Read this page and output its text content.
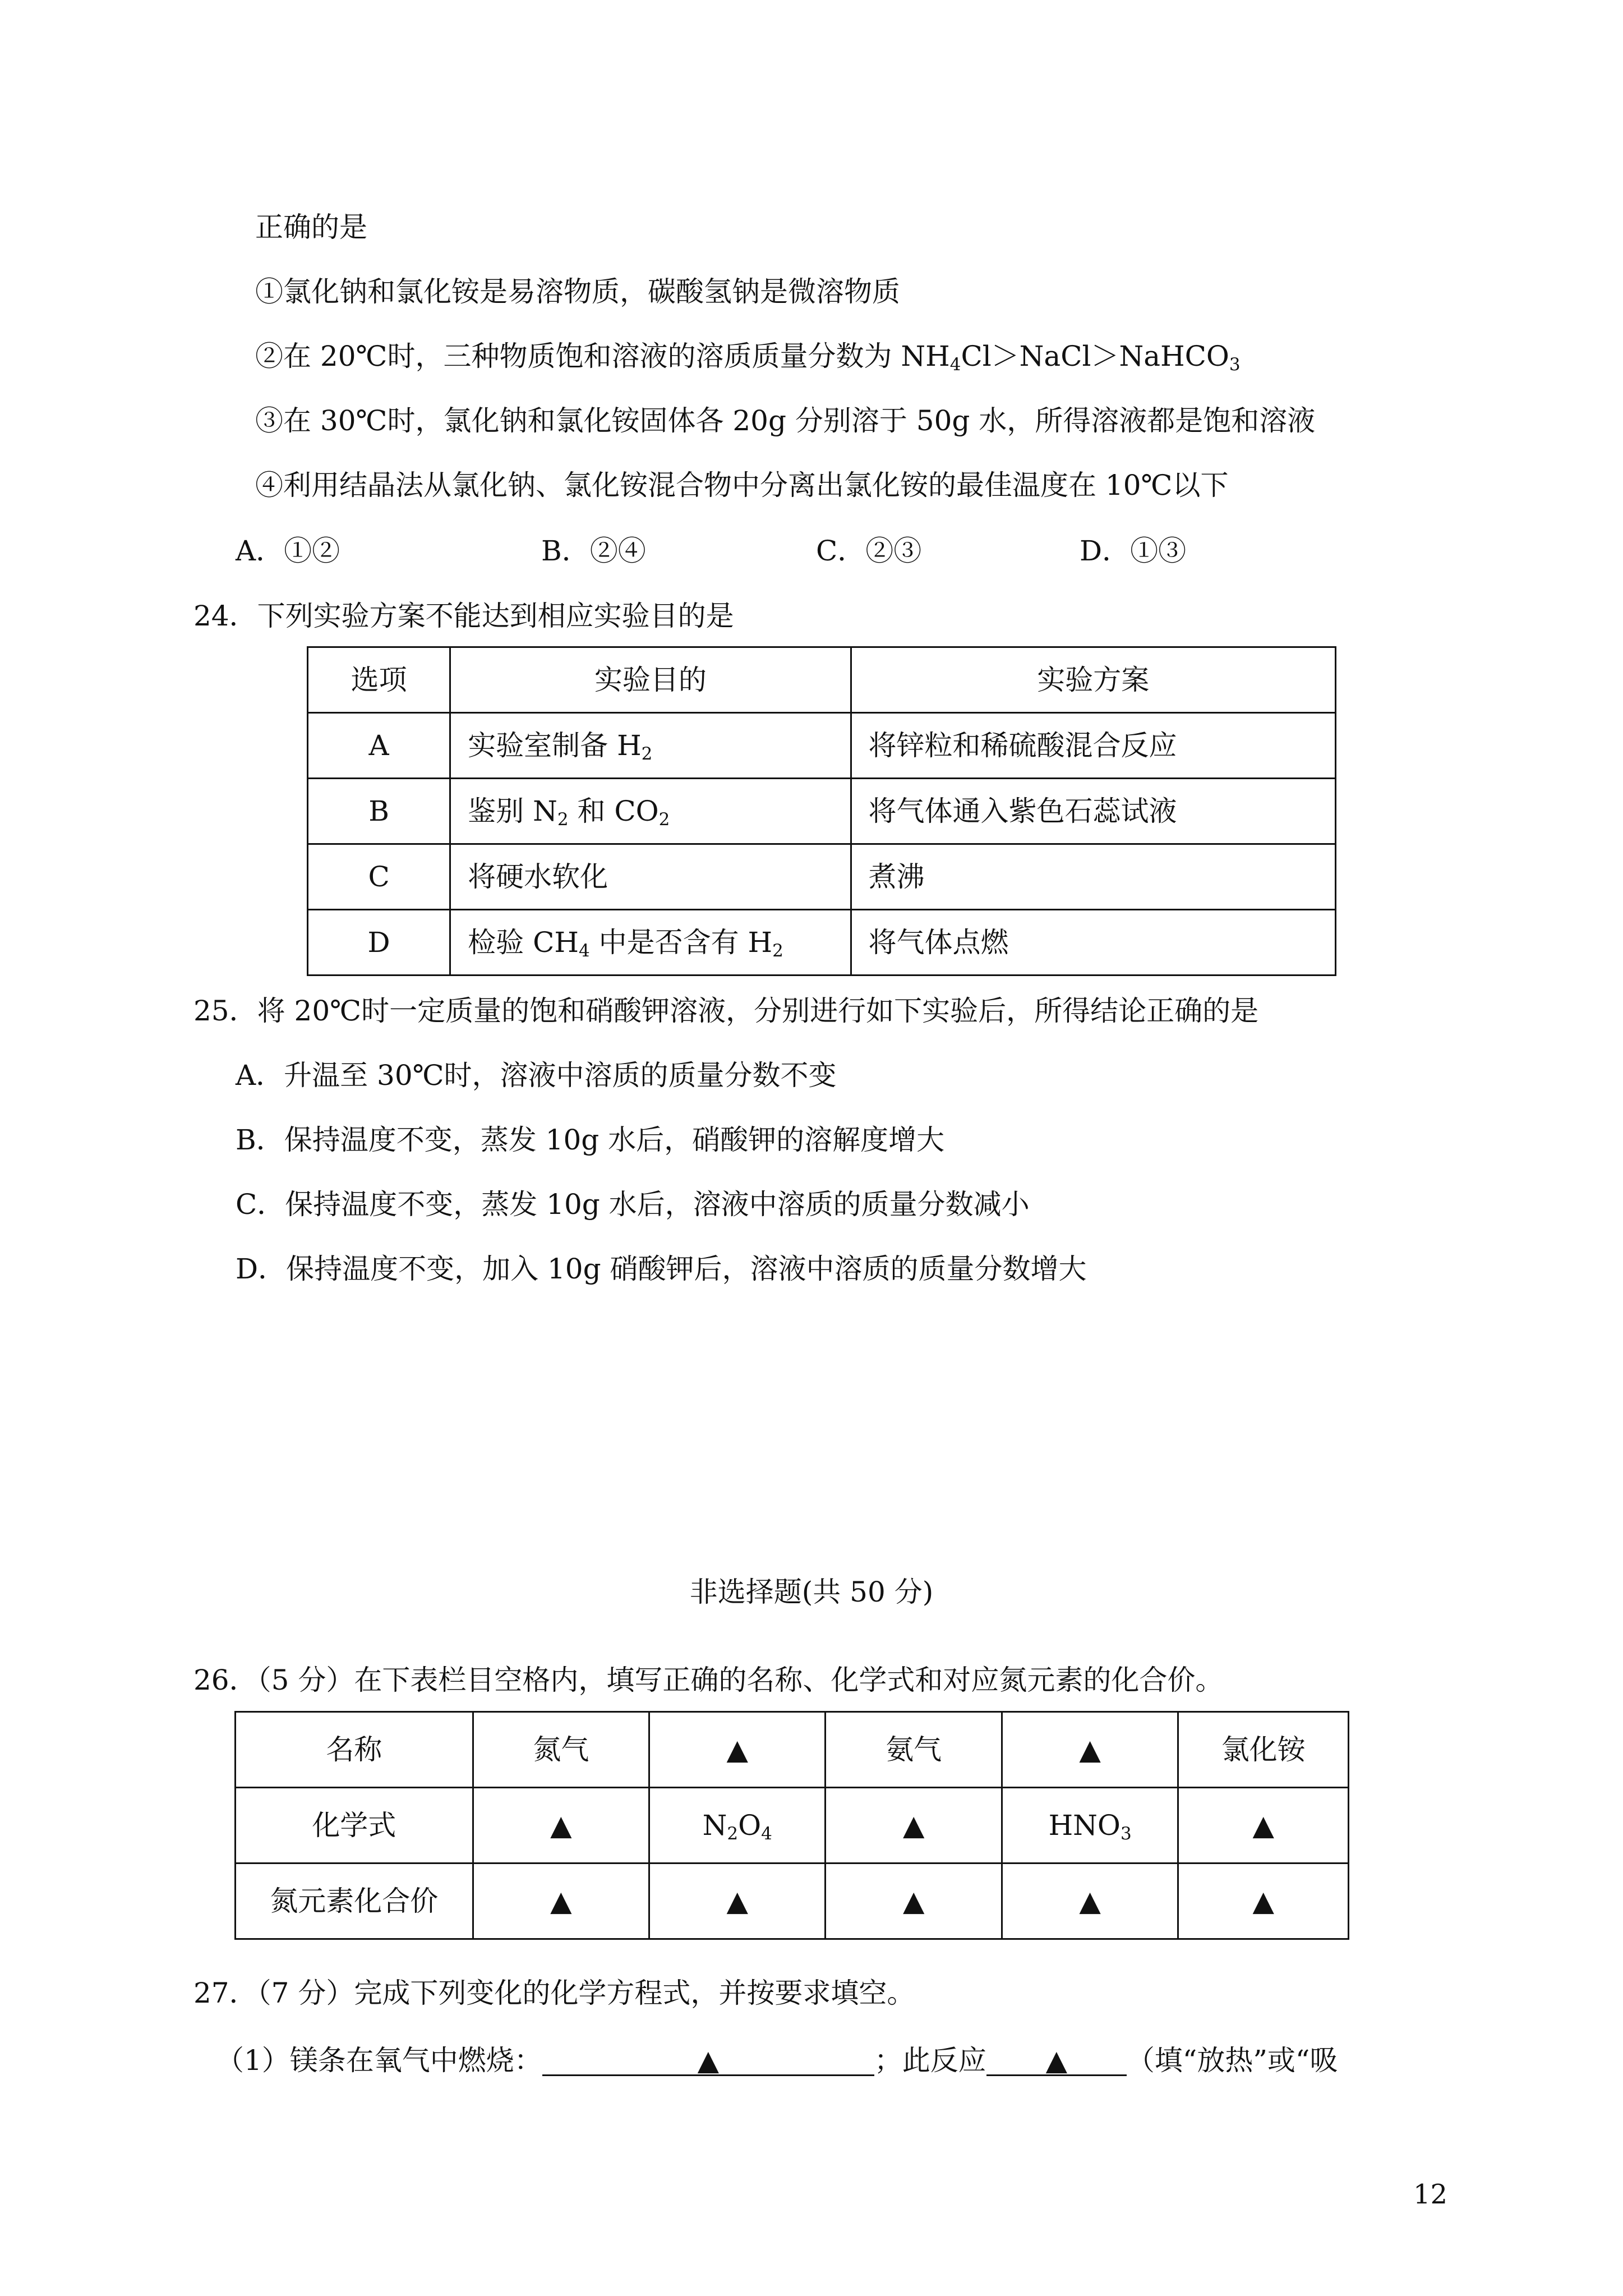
正确的是
①氯化钠和氯化铵是易溶物质，碳酸氢钠是微溶物质
②在 20℃时，三种物质饱和溶液的溶质质量分数为 $NH_4Cl>NaCl>NaHCO_3$
③在 30℃时，氯化钠和氯化铵固体各 20g 分别溶于 50g 水，所得溶液都是饱和溶液
④利用结晶法从氯化钠、氯化铵混合物中分离出氯化铵的最佳温度在 10℃以下
A．①②	B．②④	C．②③	D．①③
24．下列实验方案不能达到相应实验目的是
选项	实验目的	实验方案
A	实验室制备 $H_2$	将锌粒和稀硫酸混合反应
B	鉴别 $N_2$ 和 $CO_2$	将气体通入紫色石蕊试液
C	将硬水软化	煮沸
D	检验 $CH_4$ 中是否含有 $H_2$	将气体点燃
25．将 20℃时一定质量的饱和硝酸钾溶液，分别进行如下实验后，所得结论正确的是
A．升温至 30℃时，溶液中溶质的质量分数不变
B．保持温度不变，蒸发 10g 水后，硝酸钾的溶解度增大
C．保持温度不变，蒸发 10g 水后，溶液中溶质的质量分数减小
D．保持温度不变，加入 10g 硝酸钾后，溶液中溶质的质量分数增大
非选择题(共 50 分)
26．（5 分）在下表栏目空格内，填写正确的名称、化学式和对应氮元素的化合价。
名称	氮气	▲	氨气	▲	氯化铵
化学式	▲	$N_2O_4$	▲	$HNO_3$	▲
氮元素化合价	▲	▲	▲	▲	▲
27．（7 分）完成下列变化的化学方程式，并按要求填空。
（1）镁条在氧气中燃烧：	▲	；此反应 ▲ （填“放热”或“吸
12
